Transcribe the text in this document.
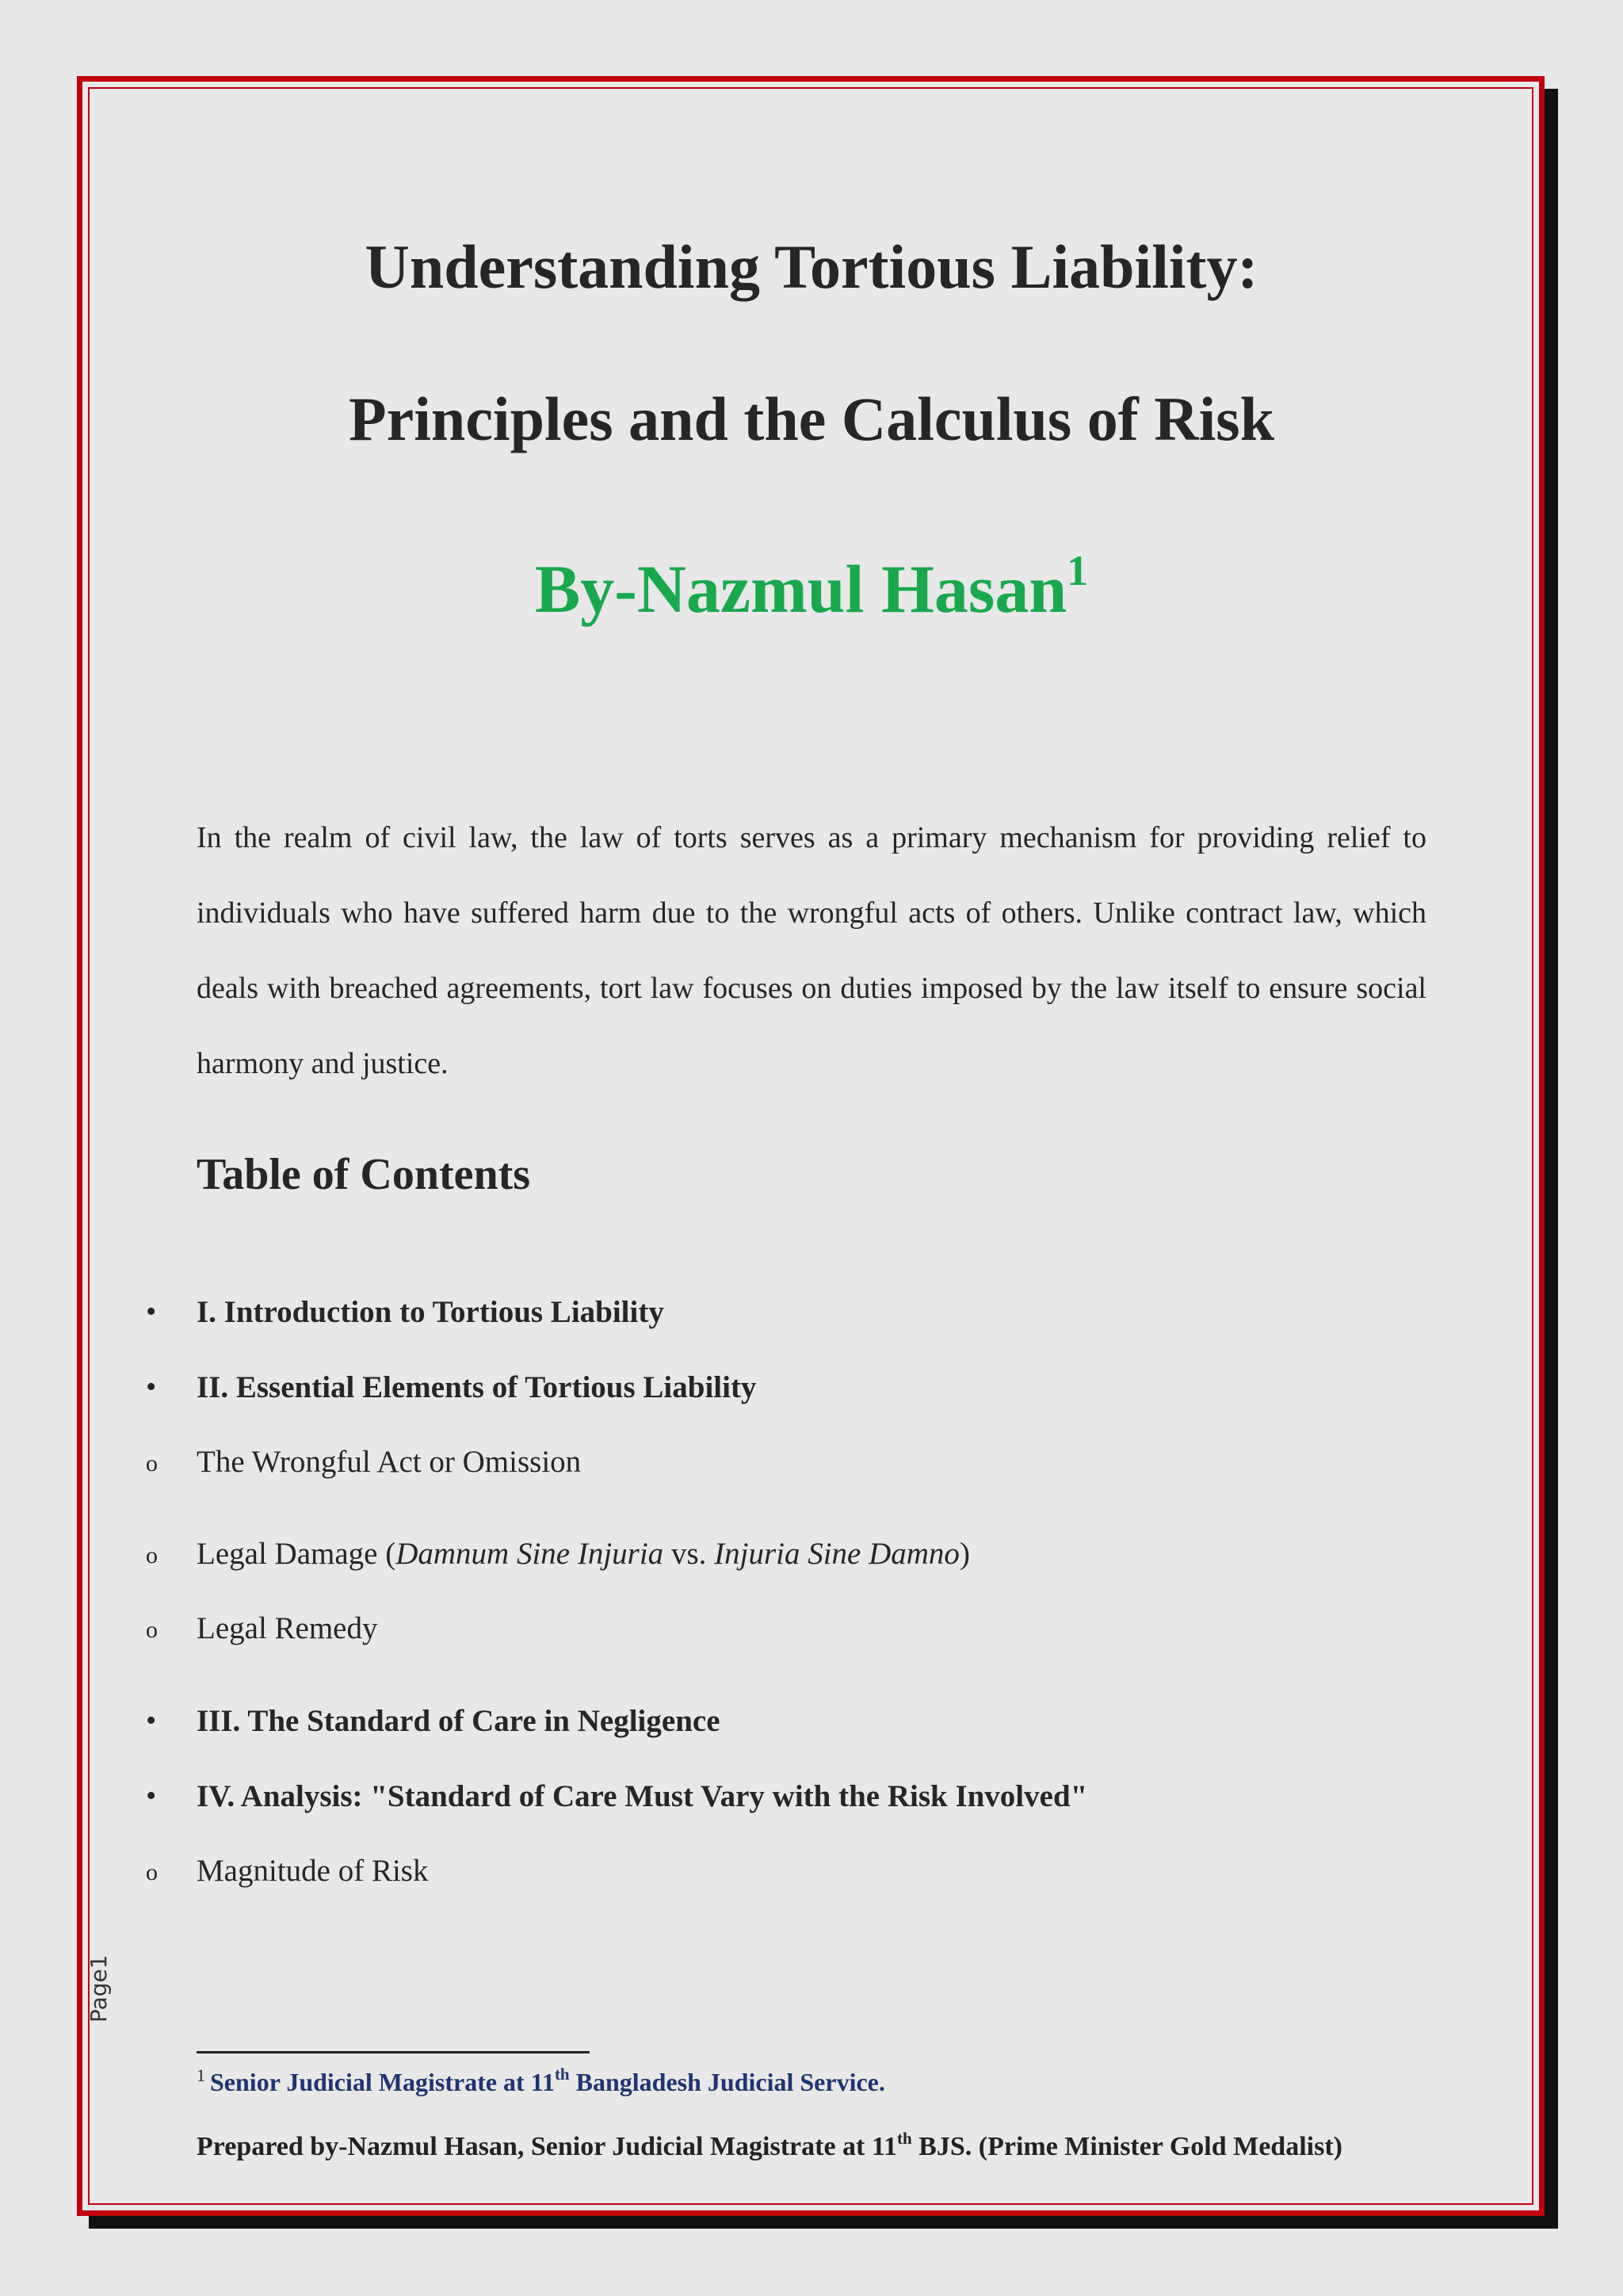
Understanding Tortious Liability:
Principles and the Calculus of Risk
By-Nazmul Hasan$^1$

In the realm of civil law, the law of torts serves as a primary mechanism for providing relief to individuals who have suffered harm due to the wrongful acts of others. Unlike contract law, which deals with breached agreements, tort law focuses on duties imposed by the law itself to ensure social harmony and justice.

Table of Contents
• I. Introduction to Tortious Liability
• II. Essential Elements of Tortious Liability
o The Wrongful Act or Omission
o Legal Damage (Damnum Sine Injuria vs. Injuria Sine Damno)
o Legal Remedy
• III. The Standard of Care in Negligence
• IV. Analysis: "Standard of Care Must Vary with the Risk Involved"
o Magnitude of Risk
Page1
$^1$ Senior Judicial Magistrate at 11th Bangladesh Judicial Service.
Prepared by-Nazmul Hasan, Senior Judicial Magistrate at 11th BJS. (Prime Minister Gold Medalist)
